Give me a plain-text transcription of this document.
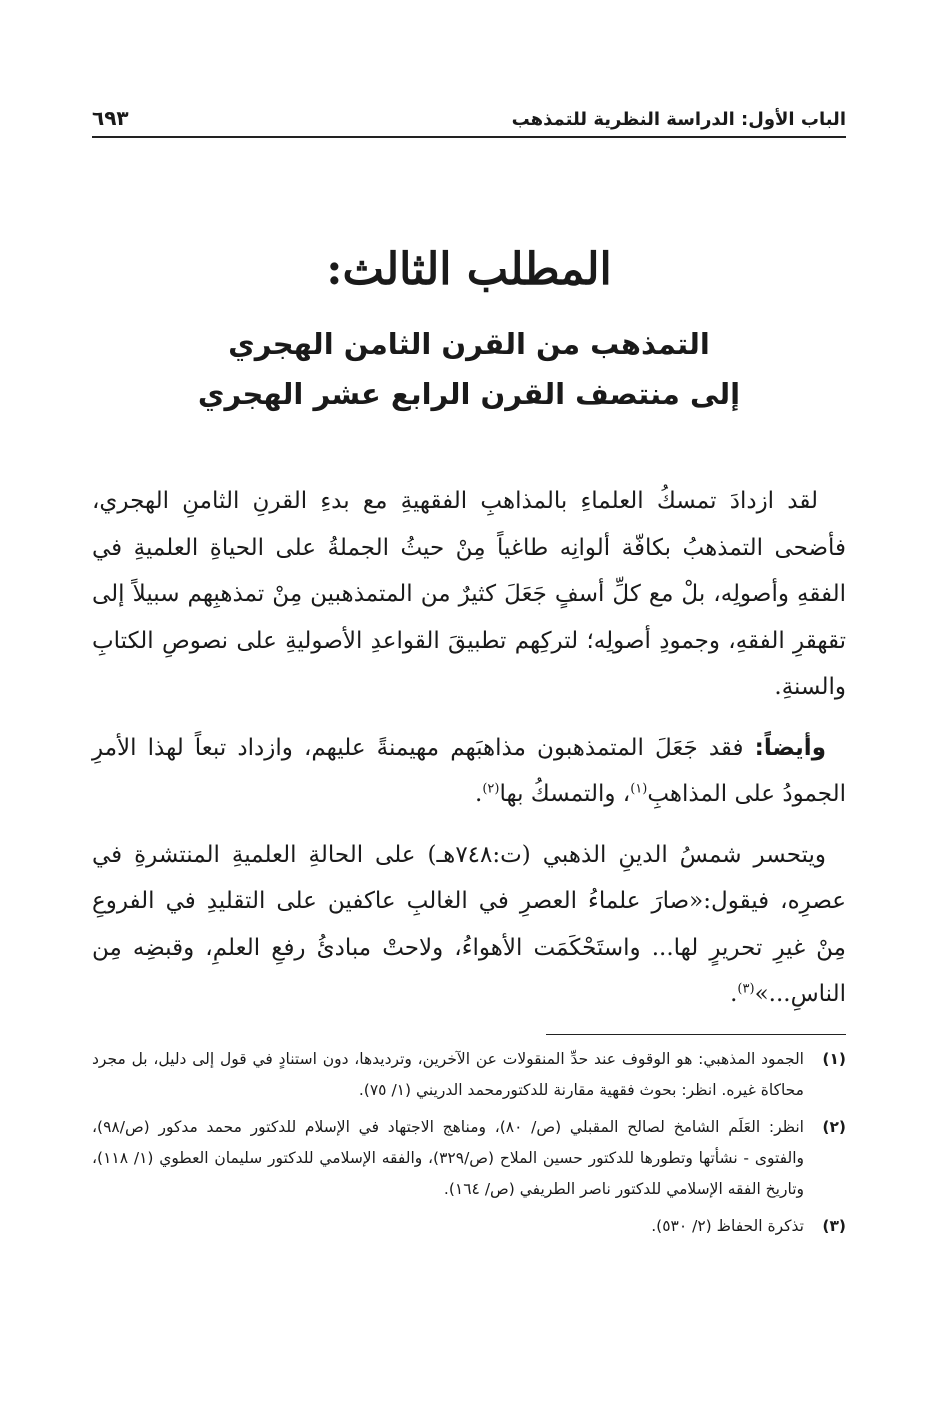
الباب الأول: الدراسة النظرية للتمذهب
٦٩٣
المطلب الثالث:
التمذهب من القرن الثامن الهجري
إلى منتصف القرن الرابع عشر الهجري

لقد ازدادَ تمسكُ العلماءِ بالمذاهبِ الفقهيةِ مع بدءِ القرنِ الثامنِ الهجري، فأضحى التمذهبُ بكافّة ألوانِه طاغياً مِنْ حيثُ الجملةُ على الحياةِ العلميةِ في الفقهِ وأصولِه، بلْ مع كلِّ أسفٍ جَعَلَ كثيرٌ من المتمذهبين مِنْ تمذهبِهم سبيلاً إلى تقهقرِ الفقهِ، وجمودِ أصولِه؛ لتركِهم تطبيقَ القواعدِ الأصوليةِ على نصوصِ الكتابِ والسنةِ.

وأيضاً: فقد جَعَلَ المتمذهبون مذاهبَهم مهيمنةً عليهم، وازداد تبعاً لهذا الأمرِ الجمودُ على المذاهبِ$^{(١)}$، والتمسكُ بها$^{(٢)}$.

ويتحسر شمسُ الدينِ الذهبي (ت:٧٤٨هـ) على الحالةِ العلميةِ المنتشرةِ في عصرِه، فيقول:«صارَ علماءُ العصرِ في الغالبِ عاكفين على التقليدِ في الفروعِ مِنْ غيرِ تحريرٍ لها... واستَحْكَمَت الأهواءُ، ولاحتْ مبادئُ رفعِ العلمِ، وقبضِه مِن الناسِ...»$^{(٣)}$.

(١)
الجمود المذهبي: هو الوقوف عند حدِّ المنقولات عن الآخرين، وترديدها، دون استنادٍ في قول إلى دليل، بل مجرد محاكاة غيره. انظر: بحوث فقهية مقارنة للدكتورمحمد الدريني (١/ ٧٥).
(٢)
انظر: العَلَم الشامخ لصالح المقبلي (ص/ ٨٠)، ومناهج الاجتهاد في الإسلام للدكتور محمد مدكور (ص/٩٨)، والفتوى - نشأتها وتطورها للدكتور حسين الملاح (ص/٣٢٩)، والفقه الإسلامي للدكتور سليمان العطوي (١/ ١١٨)، وتاريخ الفقه الإسلامي للدكتور ناصر الطريفي (ص/ ١٦٤).
(٣)
تذكرة الحفاظ (٢/ ٥٣٠).
